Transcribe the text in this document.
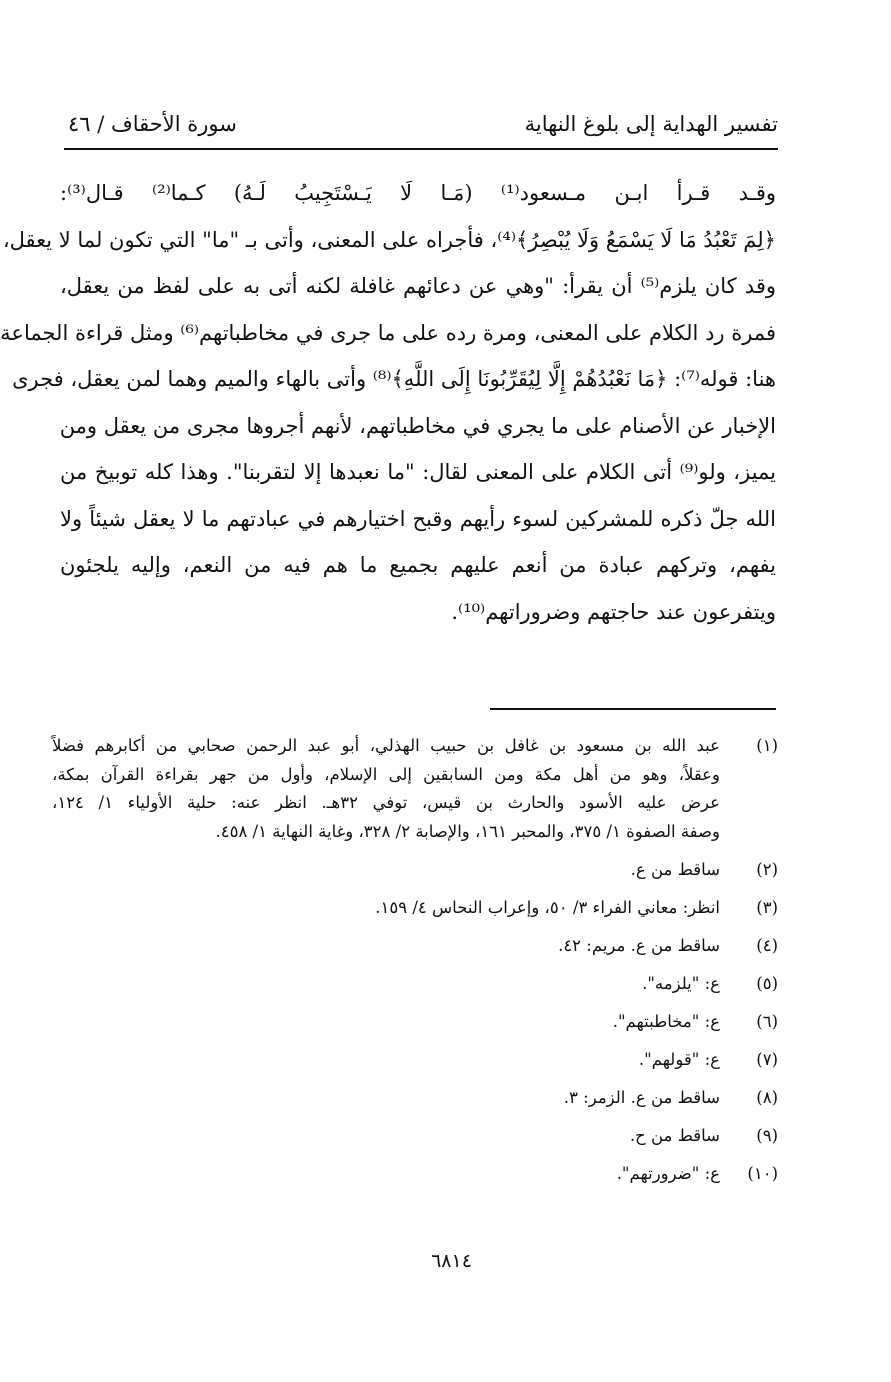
تفسير الهداية إلى بلوغ النهاية
سورة الأحقاف / ٤٦
وقـد قـرأ ابـن مـسعود⁽¹⁾ (مَـا لَا يَـسْتَجِيبُ لَـهُ) كـما⁽²⁾ قـال⁽³⁾:
﴿لِمَ تَعْبُدُ مَا لَا يَسْمَعُ وَلَا يُبْصِرُ﴾⁽⁴⁾، فأجراه على المعنى، وأتى بـ "ما" التي تكون لما لا يعقل،
وقد كان يلزم⁽⁵⁾ أن يقرأ: "وهي عن دعائهم غافلة لكنه أتى به على لفظ من يعقل،
فمرة رد الكلام على المعنى، ومرة رده على ما جرى في مخاطباتهم⁽⁶⁾ ومثل قراءة الجماعة
هنا: قوله⁽⁷⁾: ﴿مَا نَعْبُدُهُمْ إِلَّا لِيُقَرِّبُونَا إِلَى اللَّهِ﴾⁽⁸⁾ وأتى بالهاء والميم وهما لمن يعقل، فجرى
الإخبار عن الأصنام على ما يجري في مخاطباتهم، لأنهم أجروها مجرى من يعقل ومن
يميز، ولو⁽⁹⁾ أتى الكلام على المعنى لقال: "ما نعبدها إلا لتقربنا". وهذا كله توبيخ من
الله جلّ ذكره للمشركين لسوء رأيهم وقبح اختيارهم في عبادتهم ما لا يعقل شيئاً ولا
يفهم، وتركهم عبادة من أنعم عليهم بجميع ما هم فيه من النعم، وإليه يلجئون
ويتفرعون عند حاجتهم وضروراتهم⁽¹⁰⁾.
(١)
عبد الله بن مسعود بن غافل بن حبيب الهذلي، أبو عبد الرحمن صحابي من أكابرهم فضلاً
وعقلاً، وهو من أهل مكة ومن السابقين إلى الإسلام، وأول من جهر بقراءة القرآن بمكة،
عرض عليه الأسود والحارث بن قيس، توفي ٣٢هـ. انظر عنه: حلية الأولياء ١/ ١٢٤،
وصفة الصفوة ١/ ٣٧٥، والمحبر ١٦١، والإصابة ٢/ ٣٢٨، وغاية النهاية ١/ ٤٥٨.
(٢)
ساقط من ع.
(٣)
انظر: معاني الفراء ٣/ ٥٠، وإعراب النحاس ٤/ ١٥٩.
(٤)
ساقط من ع. مريم: ٤٢.
(٥)
ع: "يلزمه".
(٦)
ع: "مخاطبتهم".
(٧)
ع: "قولهم".
(٨)
ساقط من ع. الزمر: ٣.
(٩)
ساقط من ح.
(١٠)
ع: "ضرورتهم".
٦٨١٤
